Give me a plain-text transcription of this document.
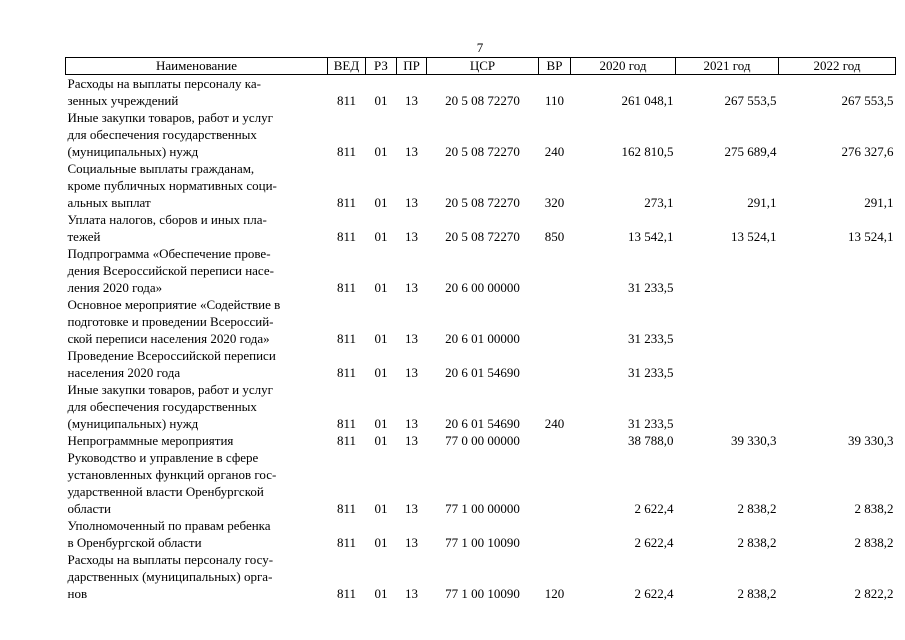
7
Наименование	ВЕД	РЗ	ПР	ЦСР	ВР	2020 год	2021 год	2022 год

Расходы на выплаты персоналу ка-
зенных учреждений	811	01	13	20 5 08 72270	110	261 048,1	267 553,5	267 553,5

Иные закупки товаров, работ и услуг
для обеспечения государственных
(муниципальных) нужд	811	01	13	20 5 08 72270	240	162 810,5	275 689,4	276 327,6

Социальные выплаты гражданам,
кроме публичных нормативных соци-
альных выплат	811	01	13	20 5 08 72270	320	273,1	291,1	291,1

Уплата налогов, сборов и иных пла-
тежей	811	01	13	20 5 08 72270	850	13 542,1	13 524,1	13 524,1

Подпрограмма «Обеспечение прове-
дения Всероссийской переписи насе-
ления 2020 года»	811	01	13	20 6 00 00000		31 233,5		

Основное мероприятие «Содействие в
подготовке и проведении Всероссий-
ской переписи населения 2020 года»	811	01	13	20 6 01 00000		31 233,5		

Проведение Всероссийской переписи
населения 2020 года	811	01	13	20 6 01 54690		31 233,5		

Иные закупки товаров, работ и услуг
для обеспечения государственных
(муниципальных) нужд	811	01	13	20 6 01 54690	240	31 233,5		

Непрограммные мероприятия	811	01	13	77 0 00 00000		38 788,0	39 330,3	39 330,3

Руководство и управление в сфере
установленных функций органов гос-
ударственной власти Оренбургской
области	811	01	13	77 1 00 00000		2 622,4	2 838,2	2 838,2

Уполномоченный по правам ребенка
в Оренбургской области	811	01	13	77 1 00 10090		2 622,4	2 838,2	2 838,2

Расходы на выплаты персоналу госу-
дарственных (муниципальных) орга-
нов	811	01	13	77 1 00 10090	120	2 622,4	2 838,2	2 822,2
